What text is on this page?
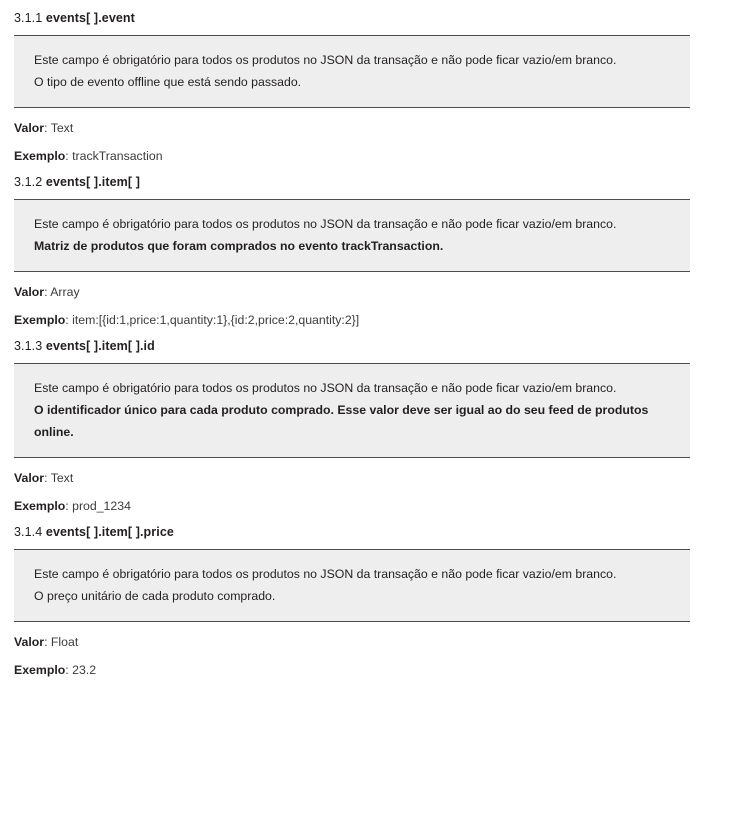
3.1.1 events[ ].event
Este campo é obrigatório para todos os produtos no JSON da transação e não pode ficar vazio/em branco.
O tipo de evento offline que está sendo passado.
Valor: Text
Exemplo: trackTransaction
3.1.2 events[ ].item[ ]
Este campo é obrigatório para todos os produtos no JSON da transação e não pode ficar vazio/em branco.
Matriz de produtos que foram comprados no evento trackTransaction.
Valor: Array
Exemplo: item:[{id:1,price:1,quantity:1},{id:2,price:2,quantity:2}]
3.1.3 events[ ].item[ ].id
Este campo é obrigatório para todos os produtos no JSON da transação e não pode ficar vazio/em branco.
O identificador único para cada produto comprado. Esse valor deve ser igual ao do seu feed de produtos online.
Valor: Text
Exemplo: prod_1234
3.1.4 events[ ].item[ ].price
Este campo é obrigatório para todos os produtos no JSON da transação e não pode ficar vazio/em branco.
O preço unitário de cada produto comprado.
Valor: Float
Exemplo: 23.2
